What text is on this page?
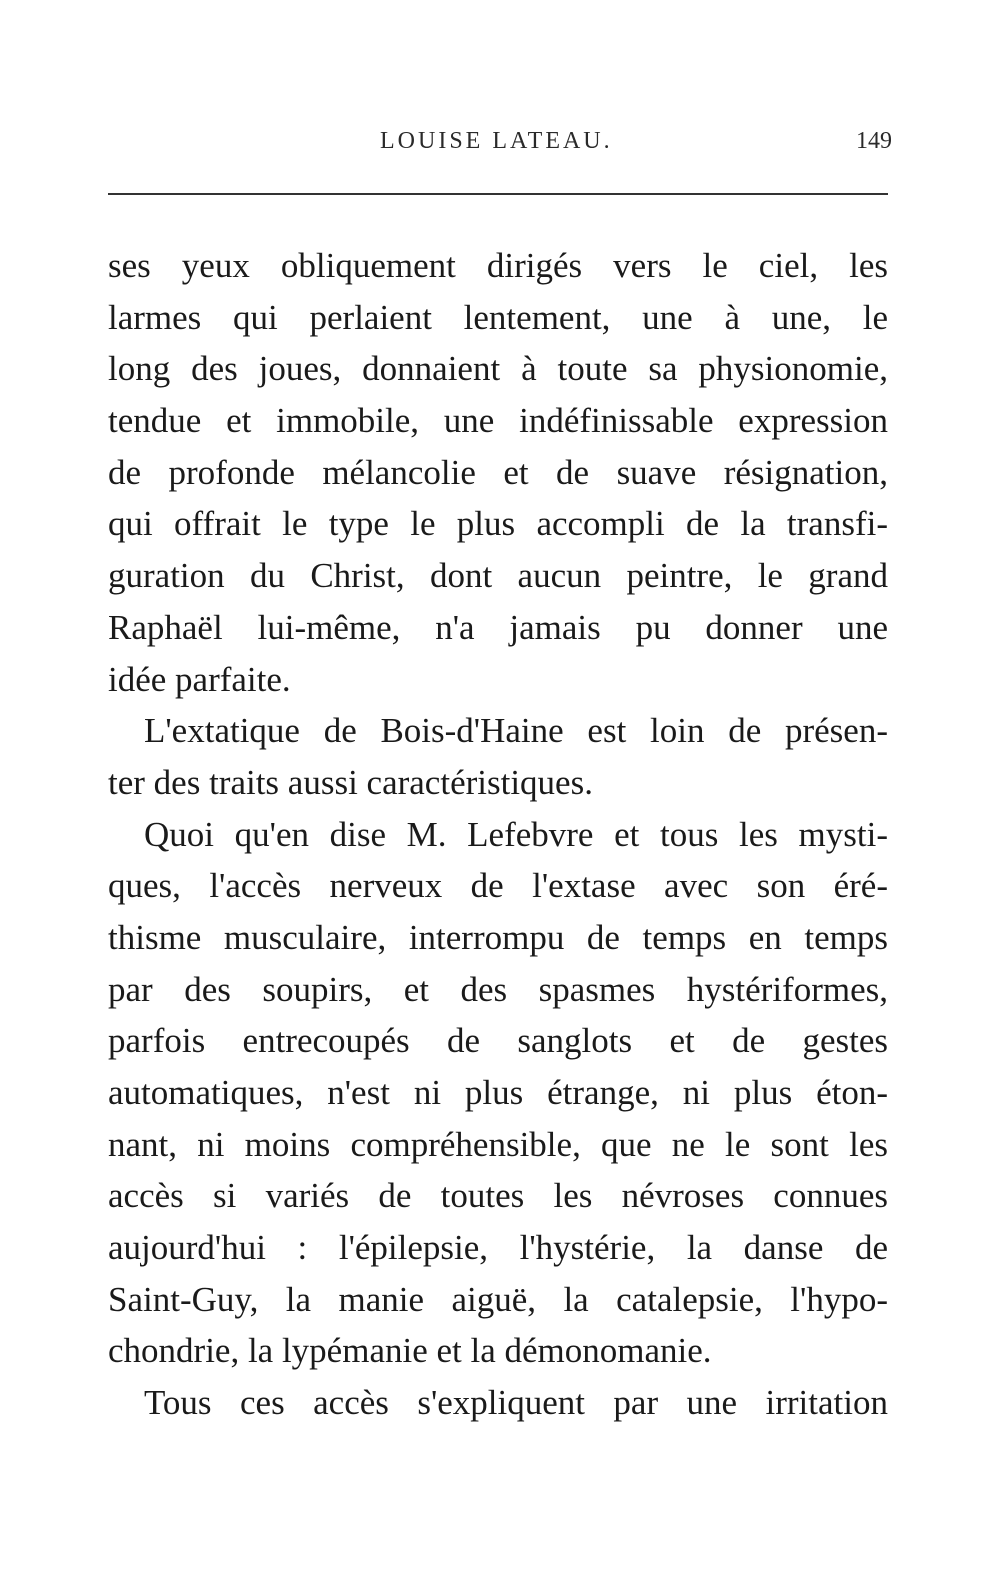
LOUISE LATEAU.	149
ses yeux obliquement dirigés vers le ciel, les
larmes qui perlaient lentement, une à une, le
long des joues, donnaient à toute sa physionomie,
tendue et immobile, une indéfinissable expression
de profonde mélancolie et de suave résignation,
qui offrait le type le plus accompli de la transfi-
guration du Christ, dont aucun peintre, le grand
Raphaël lui-même, n'a jamais pu donner une
idée parfaite.
L'extatique de Bois-d'Haine est loin de présen-
ter des traits aussi caractéristiques.
Quoi qu'en dise M. Lefebvre et tous les mysti-
ques, l'accès nerveux de l'extase avec son éré-
thisme musculaire, interrompu de temps en temps
par des soupirs, et des spasmes hystériformes,
parfois entrecoupés de sanglots et de gestes
automatiques, n'est ni plus étrange, ni plus éton-
nant, ni moins compréhensible, que ne le sont les
accès si variés de toutes les névroses connues
aujourd'hui : l'épilepsie, l'hystérie, la danse de
Saint-Guy, la manie aiguë, la catalepsie, l'hypo-
chondrie, la lypémanie et la démonomanie.
Tous ces accès s'expliquent par une irritation
